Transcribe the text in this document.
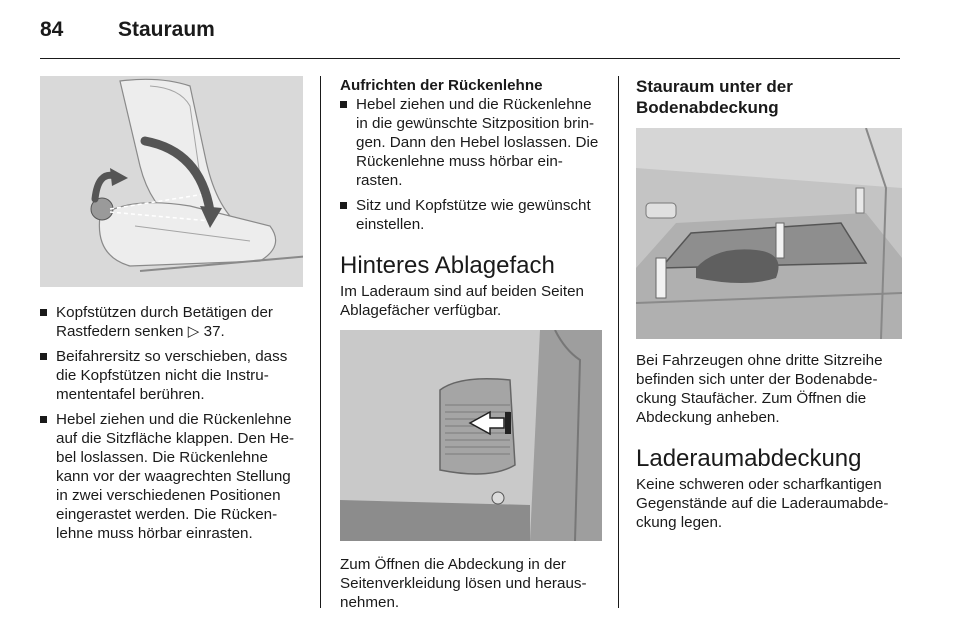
84	Stauraum
Kopfstützen durch Betätigen der Rastfedern senken ▷ 37.
Beifahrersitz so verschieben, dass die Kopfstützen nicht die Instrumententafel berühren.
Hebel ziehen und die Rückenlehne auf die Sitzfläche klappen. Den Hebel loslassen. Die Rückenlehne kann vor der waagrechten Stellung in zwei verschiedenen Positionen eingerastet werden. Die Rückenlehne muss hörbar einrasten.
Aufrichten der Rückenlehne
Hebel ziehen und die Rückenlehne in die gewünschte Sitzposition bringen. Dann den Hebel loslassen. Die Rückenlehne muss hörbar einrasten.
Sitz und Kopfstütze wie gewünscht einstellen.
Hinteres Ablagefach
Im Laderaum sind auf beiden Seiten Ablagefächer verfügbar.
Zum Öffnen die Abdeckung in der Seitenverkleidung lösen und herausnehmen.
Stauraum unter der Bodenabdeckung
Bei Fahrzeugen ohne dritte Sitzreihe befinden sich unter der Bodenabdeckung Staufächer. Zum Öffnen die Abdeckung anheben.
Laderaumabdeckung
Keine schweren oder scharfkantigen Gegenstände auf die Laderaumabdeckung legen.
